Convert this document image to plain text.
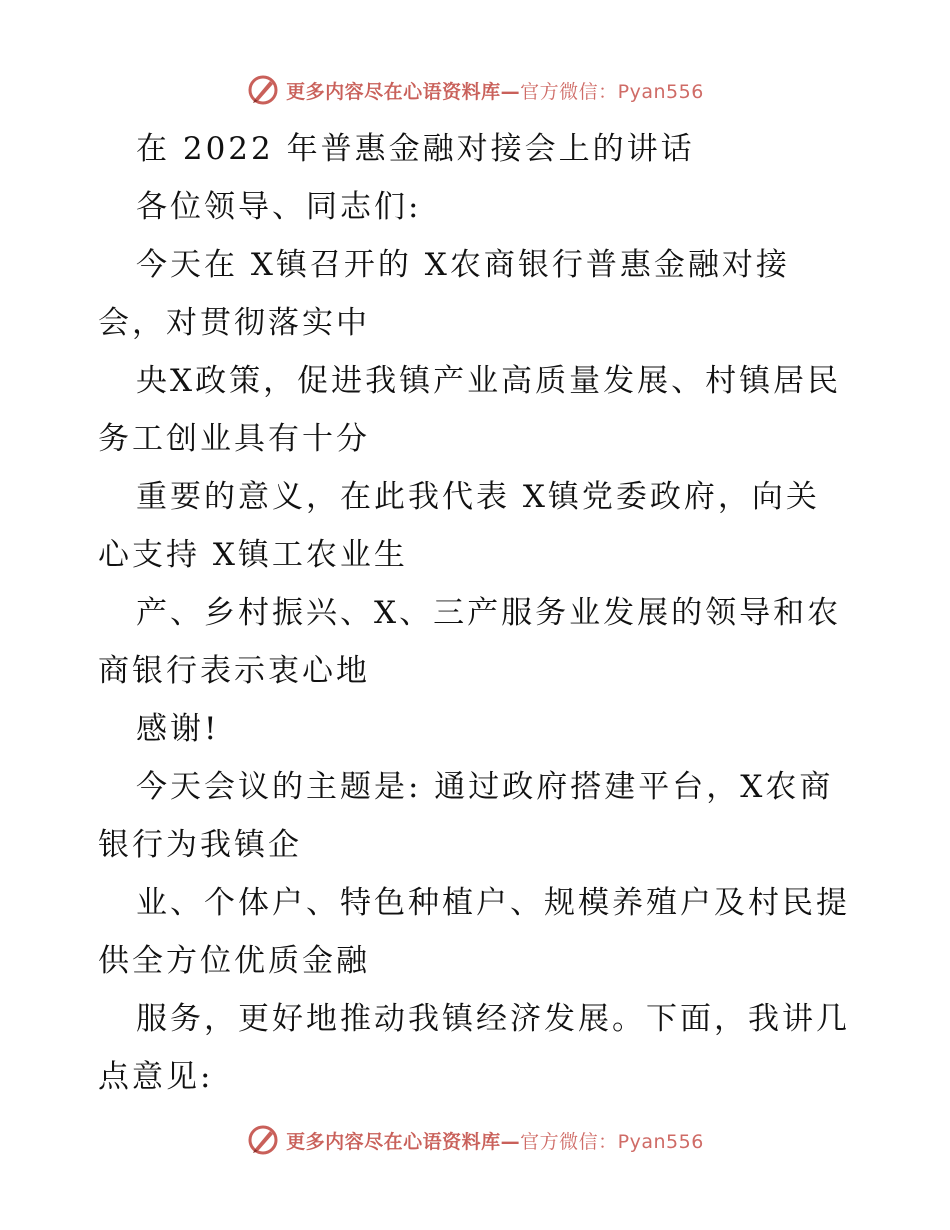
更多内容尽在心语资料库—官方微信：Pyan556
在 2022 年普惠金融对接会上的讲话
各位领导、同志们:
今天在 X镇召开的 X农商银行普惠金融对接
会，对贯彻落实中
央X政策，促进我镇产业高质量发展、村镇居民
务工创业具有十分
重要的意义，在此我代表 X镇党委政府，向关
心支持 X镇工农业生
产、乡村振兴、X、三产服务业发展的领导和农
商银行表示衷心地
感谢!
今天会议的主题是: 通过政府搭建平台，X农商
银行为我镇企
业、个体户、特色种植户、规模养殖户及村民提
供全方位优质金融
服务，更好地推动我镇经济发展。下面，我讲几
点意见:
更多内容尽在心语资料库—官方微信：Pyan556
